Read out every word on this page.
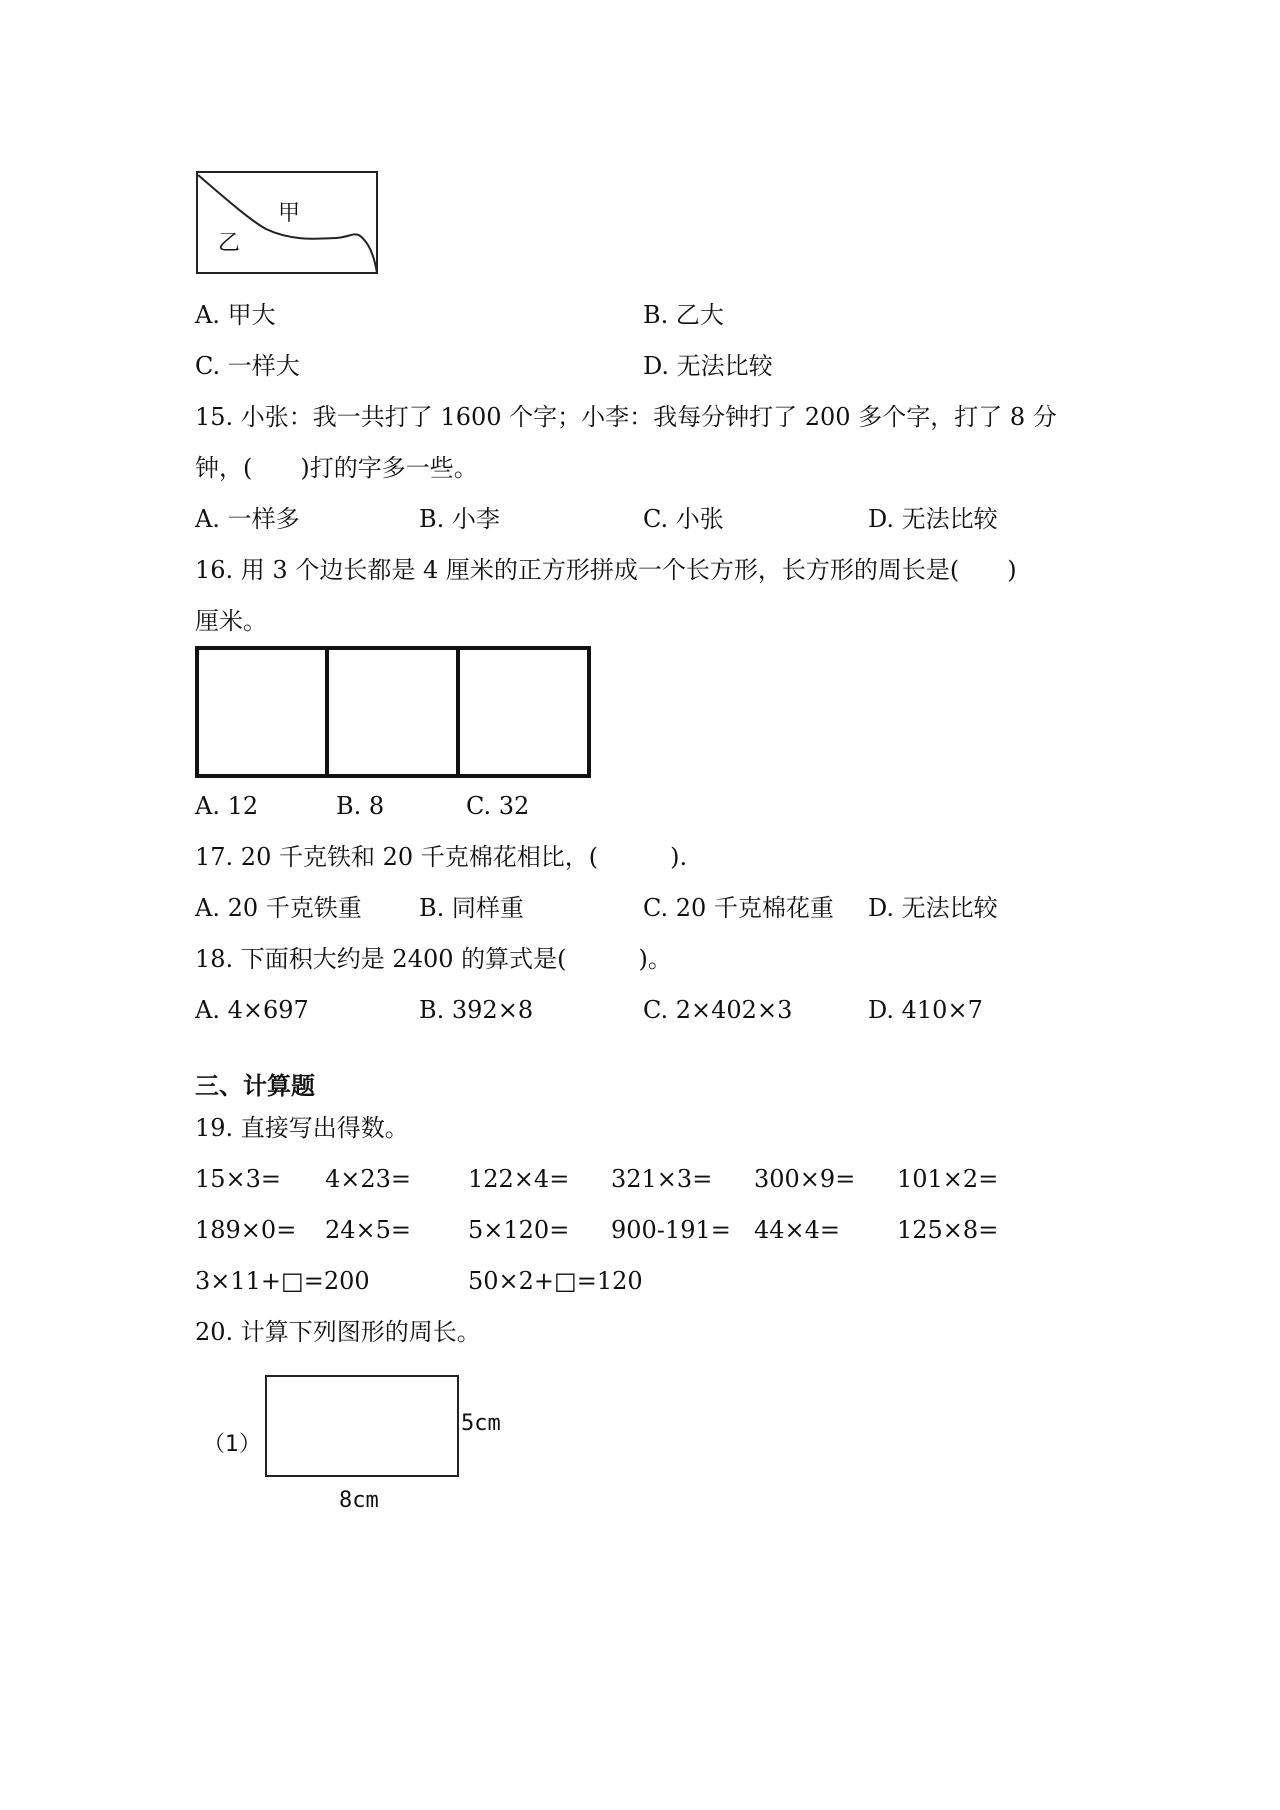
甲
乙
A. 甲大	B. 乙大
C. 一样大	D. 无法比较
15. 小张：我一共打了 1600 个字；小李：我每分钟打了 200 多个字，打了 8 分
钟，(　　)打的字多一些。
A. 一样多	B. 小李	C. 小张	D. 无法比较
16. 用 3 个边长都是 4 厘米的正方形拼成一个长方形，长方形的周长是(　　)
厘米。
A. 12	B. 8	C. 32
17. 20 千克铁和 20 千克棉花相比，(　　　).
A. 20 千克铁重 B. 同样重	C. 20 千克棉花重 D. 无法比较
18. 下面积大约是 2400 的算式是(　　　)。
A. 4×697	B. 392×8	C. 2×402×3	D. 410×7
三、计算题
19. 直接写出得数。
15×3= 4×23= 122×4= 321×3= 300×9= 101×2=
189×0= 24×5= 5×120= 900-191= 44×4= 125×8=
3×11+□=200	50×2+□=120
20. 计算下列图形的周长。
（1）
5cm
8cm
